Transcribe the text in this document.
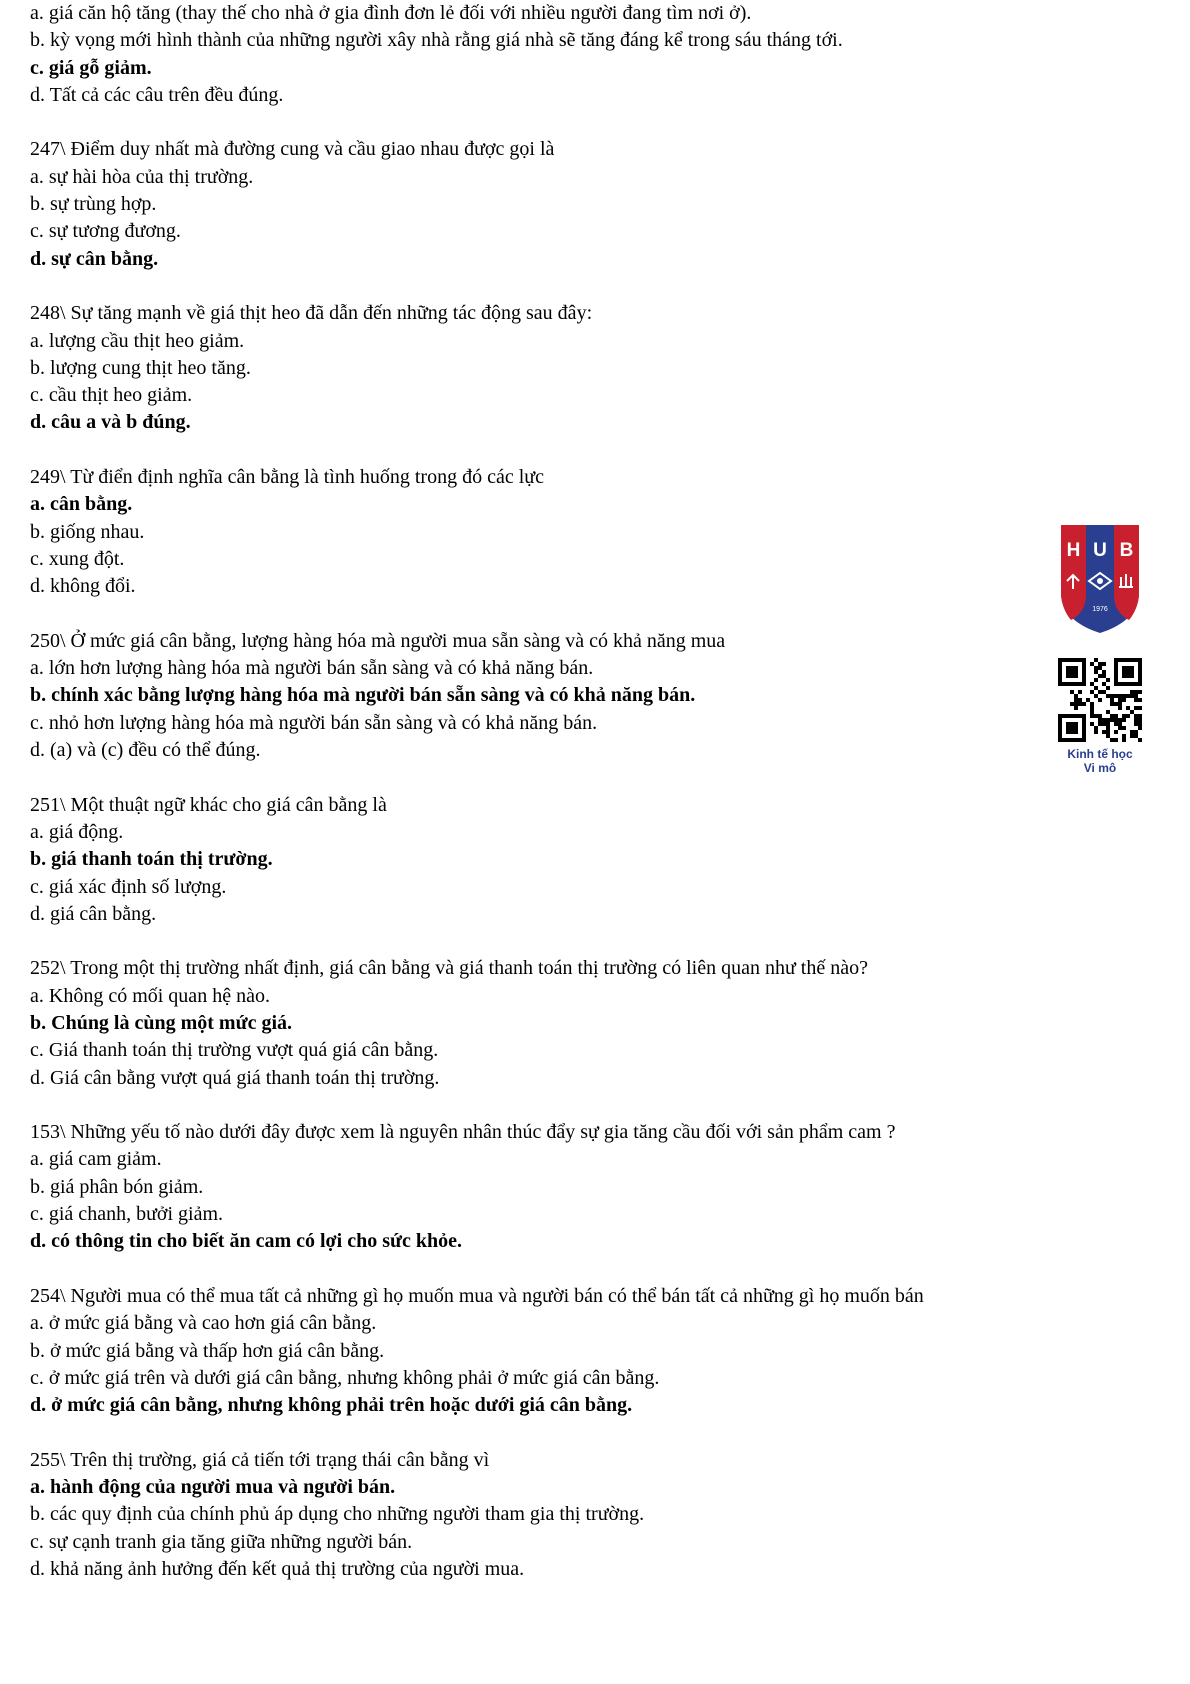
a. giá căn hộ tăng (thay thế cho nhà ở gia đình đơn lẻ đối với nhiều người đang tìm nơi ở).
b. kỳ vọng mới hình thành của những người xây nhà rằng giá nhà sẽ tăng đáng kể trong sáu tháng tới.
c. giá gỗ giảm.
d. Tất cả các câu trên đều đúng.
247\ Điểm duy nhất mà đường cung và cầu giao nhau được gọi là
a. sự hài hòa của thị trường.
b. sự trùng hợp.
c. sự tương đương.
d. sự cân bằng.
248\ Sự tăng mạnh về giá thịt heo đã dẫn đến những tác động sau đây:
a. lượng cầu thịt heo giảm.
b. lượng cung thịt heo tăng.
c. cầu thịt heo giảm.
d. câu a và b đúng.
249\ Từ điển định nghĩa cân bằng là tình huống trong đó các lực
a. cân bằng.
b. giống nhau.
c. xung đột.
d. không đổi.
250\ Ở mức giá cân bằng, lượng hàng hóa mà người mua sẵn sàng và có khả năng mua
a. lớn hơn lượng hàng hóa mà người bán sẵn sàng và có khả năng bán.
b. chính xác bằng lượng hàng hóa mà người bán sẵn sàng và có khả năng bán.
c. nhỏ hơn lượng hàng hóa mà người bán sẵn sàng và có khả năng bán.
d. (a) và (c) đều có thể đúng.
251\ Một thuật ngữ khác cho giá cân bằng là
a. giá động.
b. giá thanh toán thị trường.
c. giá xác định số lượng.
d. giá cân bằng.
252\ Trong một thị trường nhất định, giá cân bằng và giá thanh toán thị trường có liên quan như thế nào?
a. Không có mối quan hệ nào.
b. Chúng là cùng một mức giá.
c. Giá thanh toán thị trường vượt quá giá cân bằng.
d. Giá cân bằng vượt quá giá thanh toán thị trường.
153\ Những yếu tố nào dưới đây được xem là nguyên nhân thúc đẩy sự gia tăng cầu đối với sản phẩm cam ?
a. giá cam giảm.
b. giá phân bón giảm.
c. giá chanh, bưởi giảm.
d. có thông tin cho biết ăn cam có lợi cho sức khỏe.
254\ Người mua có thể mua tất cả những gì họ muốn mua và người bán có thể bán tất cả những gì họ muốn bán
a. ở mức giá bằng và cao hơn giá cân bằng.
b. ở mức giá bằng và thấp hơn giá cân bằng.
c. ở mức giá trên và dưới giá cân bằng, nhưng không phải ở mức giá cân bằng.
d. ở mức giá cân bằng, nhưng không phải trên hoặc dưới giá cân bằng.
255\ Trên thị trường, giá cả tiến tới trạng thái cân bằng vì
a. hành động của người mua và người bán.
b. các quy định của chính phủ áp dụng cho những người tham gia thị trường.
c. sự cạnh tranh gia tăng giữa những người bán.
d. khả năng ảnh hưởng đến kết quả thị trường của người mua.
H U B
1976

Kinh tế học
Vi mô
